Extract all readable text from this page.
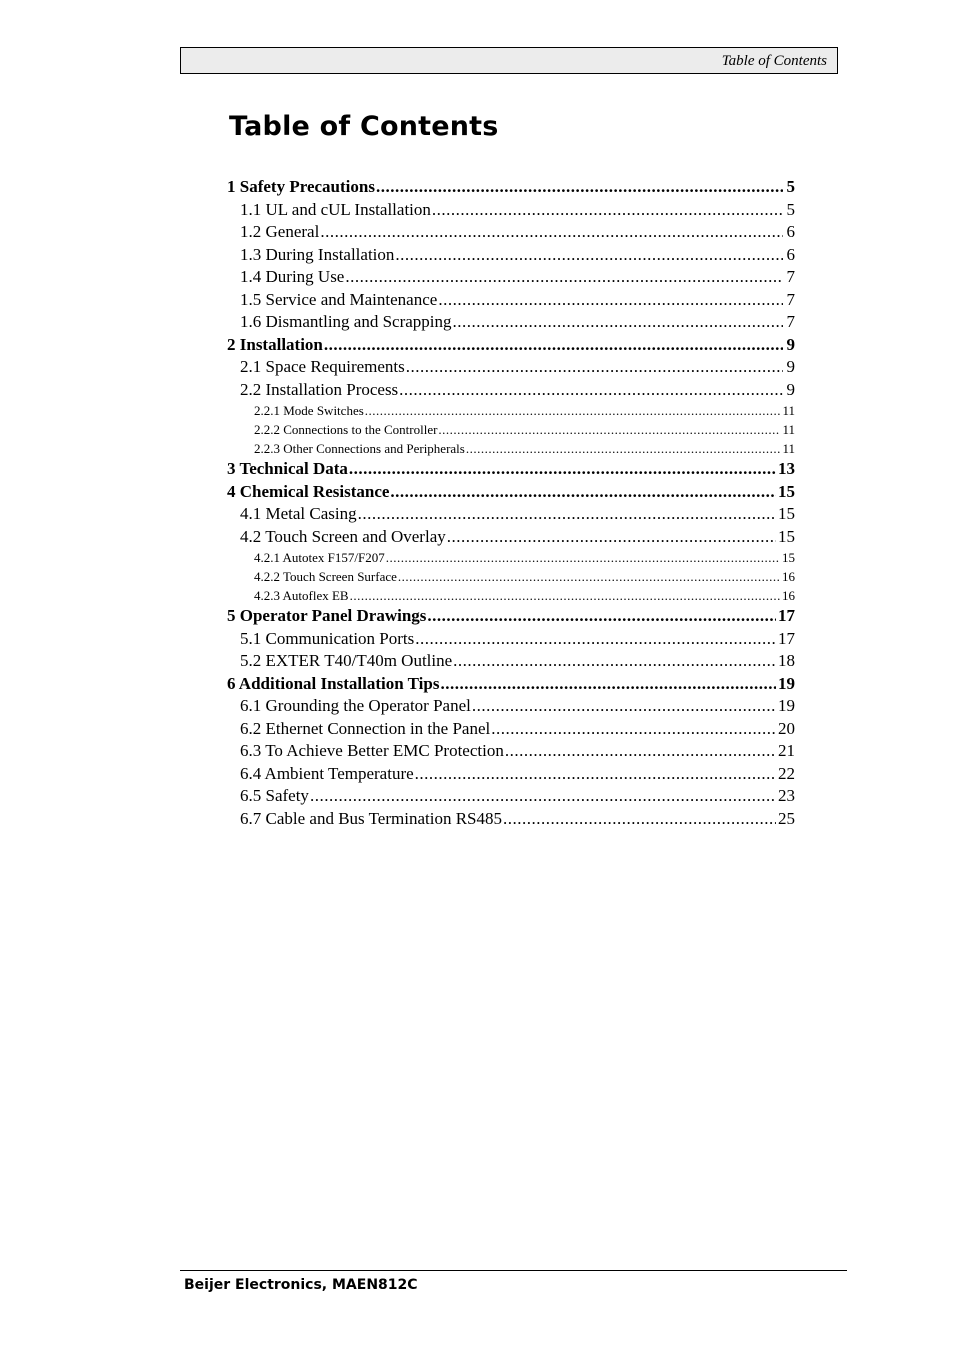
Table of Contents
Table of Contents
1 Safety Precautions .....	5
1.1 UL and cUL Installation .....	5
1.2 General .....	6
1.3 During Installation .....	6
1.4 During Use .....	7
1.5 Service and Maintenance .....	7
1.6 Dismantling and Scrapping .....	7
2 Installation .....	9
2.1 Space Requirements .....	9
2.2 Installation Process .....	9
2.2.1 Mode Switches .....	11
2.2.2 Connections to the Controller .....	11
2.2.3 Other Connections and Peripherals .....	11
3 Technical Data .....	13
4 Chemical Resistance .....	15
4.1 Metal Casing .....	15
4.2 Touch Screen and Overlay .....	15
4.2.1 Autotex F157/F207 .....	15
4.2.2 Touch Screen Surface .....	16
4.2.3 Autoflex EB .....	16
5 Operator Panel Drawings .....	17
5.1 Communication Ports .....	17
5.2 EXTER T40/T40m Outline .....	18
6 Additional Installation Tips .....	19
6.1 Grounding the Operator Panel .....	19
6.2 Ethernet Connection in the Panel .....	20
6.3 To Achieve Better EMC Protection .....	21
6.4 Ambient Temperature .....	22
6.5 Safety .....	23
6.7 Cable and Bus Termination RS485 .....	25
Beijer Electronics, MAEN812C
